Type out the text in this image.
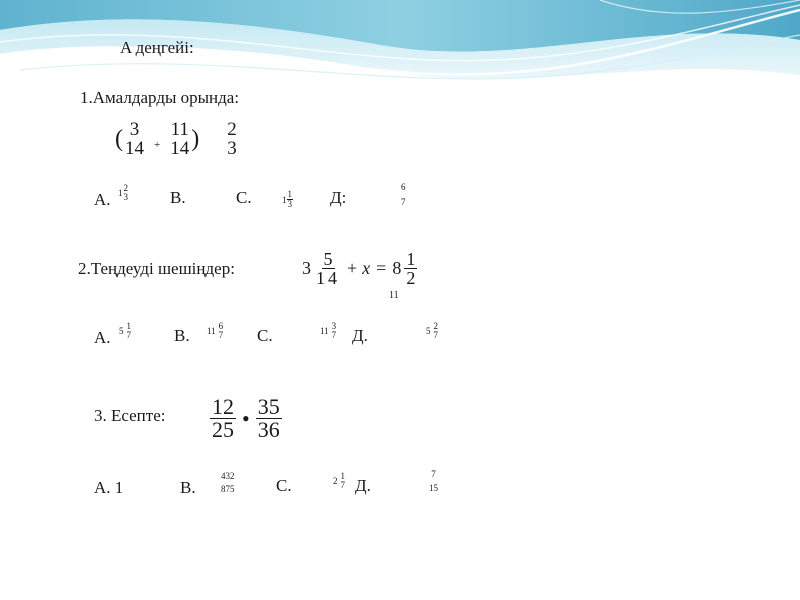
A деңгейі:
1.Амалдарды орында:
( 3
14 +
11
14 ) 2
3
A. 1 2
3 B.	C.	$1 \frac{1}{3} Д$:
6
7
2.Теңдеуді шешіңдер:	$3 \frac{5}{14} + x = 8 \frac{1}{2}$
11
A. 5 1
7	B. 11 6
7 C.	11 3
7 Д.	5 2
7
3. Есепте: $\frac{12}{25}$ • $\frac{35}{36}$
A. 1	B.
432
875 C.	2 1
7 Д.
7
15
